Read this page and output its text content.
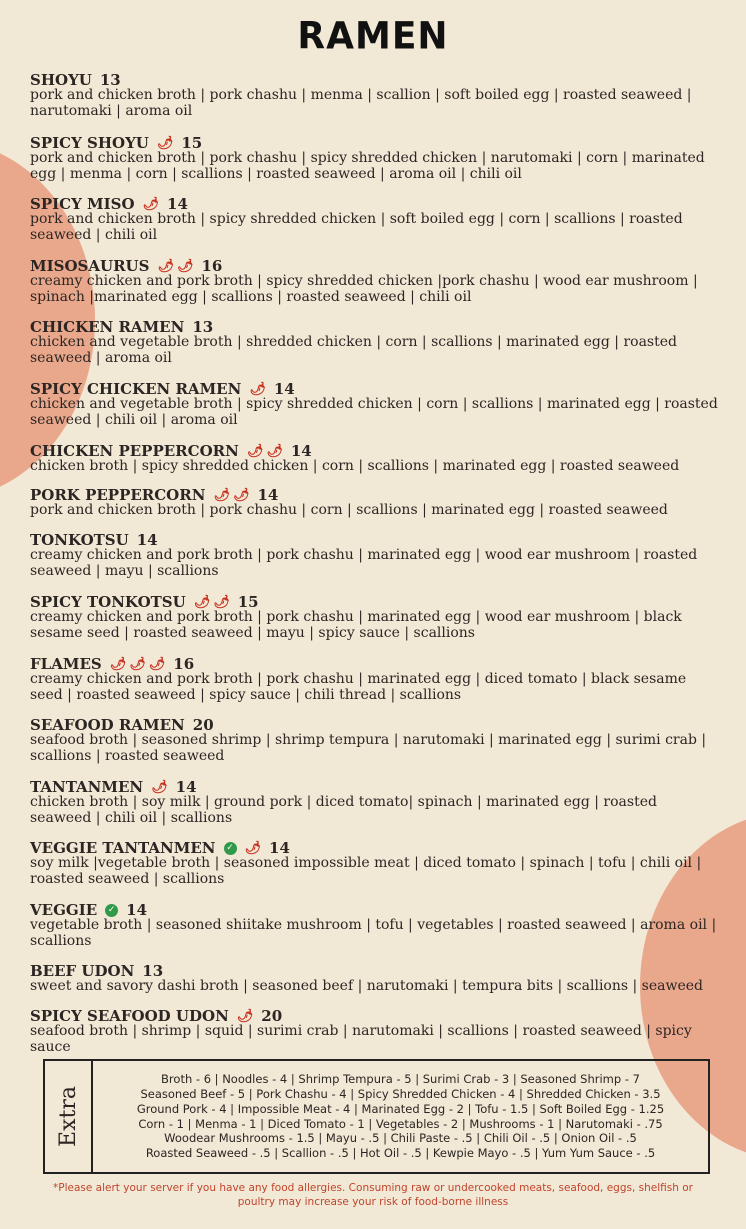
RAMEN
SHOYU 13
pork and chicken broth | pork chashu | menma | scallion | soft boiled egg | roasted seaweed | narutomaki | aroma oil
SPICY SHOYU 🌶 15
pork and chicken broth | pork chashu | spicy shredded chicken | narutomaki | corn | marinated egg | menma | corn | scallions | roasted seaweed | aroma oil | chili oil
SPICY MISO 🌶 14
pork and chicken broth | spicy shredded chicken | soft boiled egg | corn | scallions | roasted seaweed | chili oil
MISOSAURUS 🌶 🌶 16
creamy chicken and pork broth | spicy shredded chicken |pork chashu | wood ear mushroom | spinach |marinated egg | scallions | roasted seaweed | chili oil
CHICKEN RAMEN 13
chicken and vegetable broth | shredded chicken | corn | scallions | marinated egg | roasted seaweed | aroma oil
SPICY CHICKEN RAMEN 🌶 14
chicken and vegetable broth | spicy shredded chicken | corn | scallions | marinated egg | roasted seaweed | chili oil | aroma oil
CHICKEN PEPPERCORN 🌶 🌶 14
chicken broth | spicy shredded chicken | corn | scallions | marinated egg | roasted seaweed
PORK PEPPERCORN 🌶 🌶 14
pork and chicken broth | pork chashu | corn | scallions | marinated egg | roasted seaweed
TONKOTSU 14
creamy chicken and pork broth | pork chashu | marinated egg | wood ear mushroom | roasted seaweed | mayu | scallions
SPICY TONKOTSU 🌶 🌶 15
creamy chicken and pork broth | pork chashu | marinated egg | wood ear mushroom | black sesame seed | roasted seaweed | mayu | spicy sauce | scallions
FLAMES 🌶 🌶 🌶 16
creamy chicken and pork broth | pork chashu | marinated egg | diced tomato | black sesame seed | roasted seaweed | spicy sauce | chili thread | scallions
SEAFOOD RAMEN 20
seafood broth | seasoned shrimp | shrimp tempura | narutomaki | marinated egg | surimi crab | scallions | roasted seaweed
TANTANMEN 🌶 14
chicken broth | soy milk | ground pork | diced tomato| spinach | marinated egg | roasted seaweed | chili oil | scallions
VEGGIE TANTANMEN	✓ 🌶 14
soy milk |vegetable broth | seasoned impossible meat | diced tomato | spinach | tofu | chili oil | roasted seaweed | scallions
VEGGIE	✓ 14
vegetable broth | seasoned shiitake mushroom | tofu | vegetables | roasted seaweed | aroma oil | scallions
BEEF UDON 13
sweet and savory dashi broth | seasoned beef | narutomaki | tempura bits | scallions | seaweed
SPICY SEAFOOD UDON 🌶 20
seafood broth | shrimp | squid | surimi crab | narutomaki | scallions | roasted seaweed | spicy sauce
Extra
Broth - 6 | Noodles - 4 | Shrimp Tempura - 5 | Surimi Crab - 3 | Seasoned Shrimp - 7
Seasoned Beef - 5 | Pork Chashu - 4 | Spicy Shredded Chicken - 4 | Shredded Chicken - 3.5
Ground Pork - 4 | Impossible Meat - 4 | Marinated Egg - 2 | Tofu - 1.5 | Soft Boiled Egg - 1.25
Corn - 1 | Menma - 1 | Diced Tomato - 1 | Vegetables - 2 | Mushrooms - 1 | Narutomaki - .75
Woodear Mushrooms - 1.5 | Mayu - .5 | Chili Paste - .5 | Chili Oil - .5 | Onion Oil - .5
Roasted Seaweed - .5 | Scallion - .5 | Hot Oil - .5 | Kewpie Mayo - .5 | Yum Yum Sauce - .5
*Please alert your server if you have any food allergies. Consuming raw or undercooked meats, seafood, eggs, shelfish or poultry may increase your risk of food-borne illness
